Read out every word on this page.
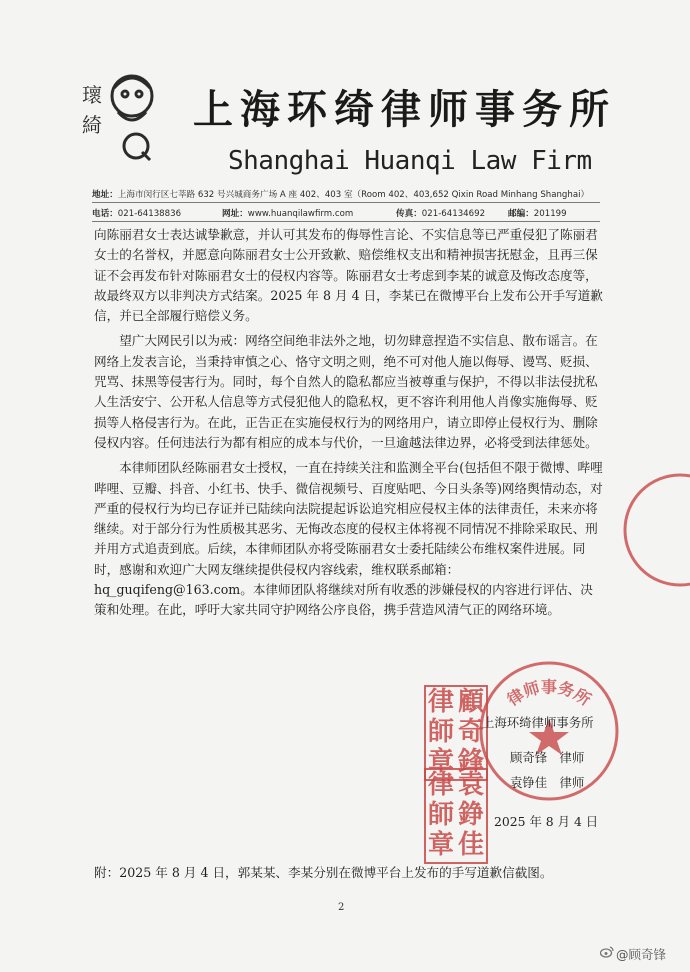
瓌
綺 上海环绮律师事务所
Shanghai Huanqi Law Firm
地址：上海市闵行区七莘路 632 号兴城商务广场 A 座 402、403 室（Room 402、403,652 Qixin Road Minhang Shanghai）
电话：021-64138836	网址：www.huanqilawfirm.com	传真：021-64134692	邮编：201199

向陈丽君女士表达诚挚歉意，并认可其发布的侮辱性言论、不实信息等已严重侵犯了陈丽君女士的名誉权，并愿意向陈丽君女士公开致歉、赔偿维权支出和精神损害抚慰金，且再三保证不会再发布针对陈丽君女士的侵权内容等。陈丽君女士考虑到李某的诚意及悔改态度等，故最终双方以非判决方式结案。2025 年 8 月 4 日，李某已在微博平台上发布公开手写道歉信，并已全部履行赔偿义务。

望广大网民引以为戒：网络空间绝非法外之地，切勿肆意捏造不实信息、散布谣言。在网络上发表言论，当秉持审慎之心、恪守文明之则，绝不可对他人施以侮辱、谩骂、贬损、咒骂、抹黑等侵害行为。同时，每个自然人的隐私都应当被尊重与保护，不得以非法侵扰私人生活安宁、公开私人信息等方式侵犯他人的隐私权，更不容许利用他人肖像实施侮辱、贬损等人格侵害行为。在此，正告正在实施侵权行为的网络用户，请立即停止侵权行为、删除侵权内容。任何违法行为都有相应的成本与代价，一旦逾越法律边界，必将受到法律惩处。

本律师团队经陈丽君女士授权，一直在持续关注和监测全平台(包括但不限于微博、哔哩哔哩、豆瓣、抖音、小红书、快手、微信视频号、百度贴吧、今日头条等)网络舆情动态，对严重的侵权行为均已存证并已陆续向法院提起诉讼追究相应侵权主体的法律责任，未来亦将继续。对于部分行为性质极其恶劣、无悔改态度的侵权主体将视不同情况不排除采取民、刑并用方式追责到底。后续，本律师团队亦将受陈丽君女士委托陆续公布维权案件进展。同时，感谢和欢迎广大网友继续提供侵权内容线索，维权联系邮箱：hq_guqifeng@163.com。本律师团队将继续对所有收悉的涉嫌侵权的内容进行评估、决策和处理。在此，呼吁大家共同守护网络公序良俗，携手营造风清气正的网络环境。

律师事务所
律 顧
師 奇
章 鋒
律 袁
師 錚
章 佳
上海环绮律师事务所
顾奇锋　律师
袁铮佳　律师
2025 年 8 月 4 日
附：2025 年 8 月 4 日，郭某某、李某分别在微博平台上发布的手写道歉信截图。
2
@顾奇锋
